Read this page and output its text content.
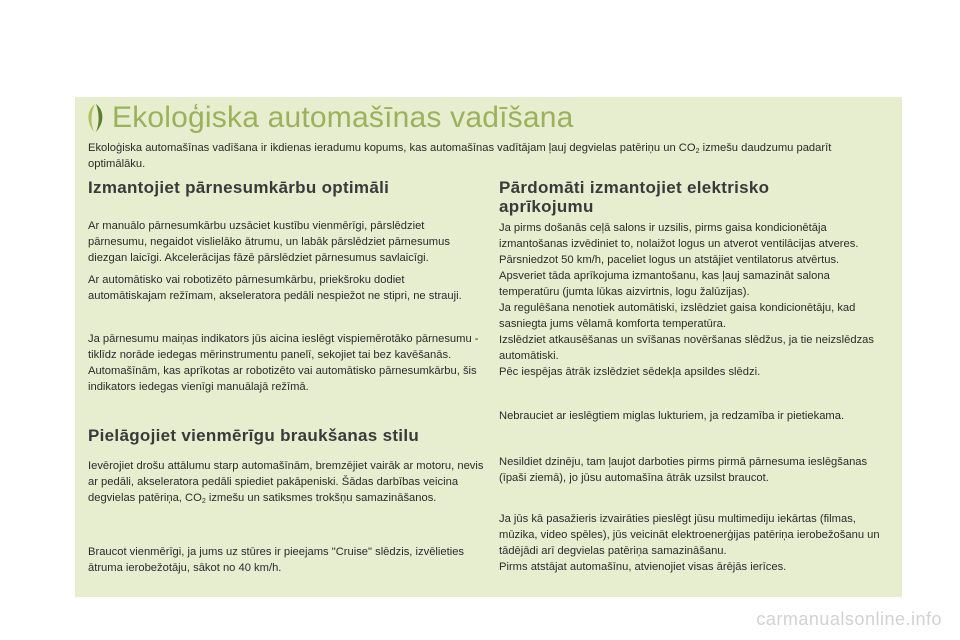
Ekoloģiska automašīnas vadīšana

Ekoloģiska automašīnas vadīšana ir ikdienas ieradumu kopums, kas automašīnas vadītājam ļauj degvielas patēriņu un $CO_2$ izmešu daudzumu padarīt optimālāku.

Izmantojiet pārnesumkārbu optimāli

Ar manuālo pārnesumkārbu uzsāciet kustību vienmērīgi, pārslēdziet pārnesumu, negaidot vislielāko ātrumu, un labāk pārslēdziet pārnesumus diezgan laicīgi. Akcelerācijas fāzē pārslēdziet pārnesumus savlaicīgi.

Ar automātisko vai robotizēto pārnesumkārbu, priekšroku dodiet automātiskajam režīmam, akseleratora pedāli nespiežot ne stipri, ne strauji.

Ja pārnesumu maiņas indikators jūs aicina ieslēgt vispiemērotāko pārnesumu - tiklīdz norāde iedegas mērinstrumentu panelī, sekojiet tai bez kavēšanās.

Automašīnām, kas aprīkotas ar robotizēto vai automātisko pārnesumkārbu, šis indikators iedegas vienīgi manuālajā režīmā.

Pielāgojiet vienmērīgu braukšanas stilu

Ievērojiet drošu attālumu starp automašīnām, bremzējiet vairāk ar motoru, nevis ar pedāli, akseleratora pedāli spiediet pakāpeniski. Šādas darbības veicina degvielas patēriņa, $CO_2$ izmešu un satiksmes trokšņu samazināšanos.

Braucot vienmērīgi, ja jums uz stūres ir pieejams "Cruise" slēdzis, izvēlieties ātruma ierobežotāju, sākot no 40 km/h.

Pārdomāti izmantojiet elektrisko aprīkojumu

Ja pirms došanās ceļā salons ir uzsilis, pirms gaisa kondicionētāja izmantošanas izvēdiniet to, nolaižot logus un atverot ventilācijas atveres.

Pārsniedzot 50 km/h, paceliet logus un atstājiet ventilatorus atvērtus.

Apsveriet tāda aprīkojuma izmantošanu, kas ļauj samazināt salona temperatūru (jumta lūkas aizvirtnis, logu žalūzijas).

Ja regulēšana nenotiek automātiski, izslēdziet gaisa kondicionētāju, kad sasniegta jums vēlamā komforta temperatūra.

Izslēdziet atkausēšanas un svīšanas novēršanas slēdžus, ja tie neizslēdzas automātiski.

Pēc iespējas ātrāk izslēdziet sēdekļa apsildes slēdzi.

Nebrauciet ar ieslēgtiem miglas lukturiem, ja redzamība ir pietiekama.

Nesildiet dzinēju, tam ļaujot darboties pirms pirmā pārnesuma ieslēgšanas (īpaši ziemā), jo jūsu automašīna ātrāk uzsilst braucot.

Ja jūs kā pasažieris izvairāties pieslēgt jūsu multimediju iekārtas (filmas, mūzika, video spēles), jūs veicināt elektroenerģijas patēriņa ierobežošanu un tādējādi arī degvielas patēriņa samazināšanu.

Pirms atstājat automašīnu, atvienojiet visas ārējās ierīces.

carmanualsonline.info
